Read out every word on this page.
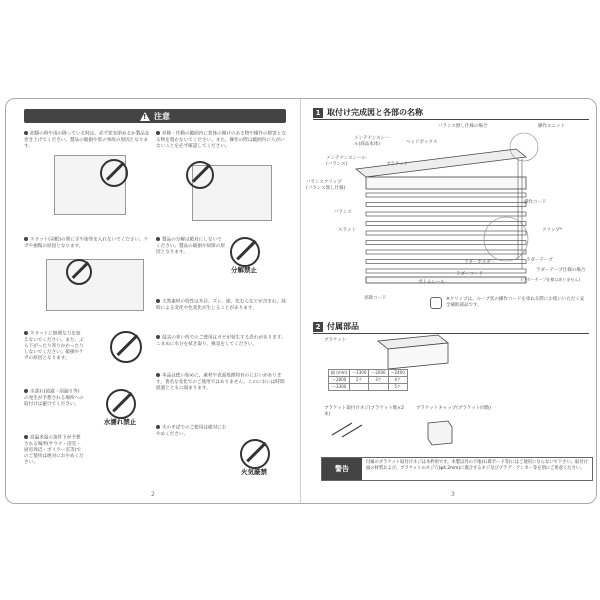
!
注意
油類の時や雨の降っている時は、必ず窓を閉めるか製品を巻き上げてください。製品の破損や窓の事故の原因となります。
昇降・作動の範囲内に窓体の開けのある物や操作の障害となる物を置かないでください。また、操作の際は範囲内に人がいないことを必ず確認してください。
スラット(羽根)の間に手や指等を入れないでください。ケガや損傷の原因となります。
製品の分解は絶対にしないでください。製品の破損や故障の原因となります。
分解禁止
スラットに無理な力を加えないでください。また、ぶら下がったり寄りかかったりしないでください。破損やケガの原因となります。
天然素材の特性は木目、ズレ、節、色むらなどが含まれ、経時による変化や色変化が生じることがあります。
湿気の多い所でのご使用はカビが発生する恐れがあります。こまめに水分を拭き取り、換気をしてください。
水濡れ(結露・雨漏り等)の発生が予想される場所への取付けは避けてください。
水濡れ禁止
本品は使い始めに、素材や表面処理特有のにおいがあります。著名な変化でのご使用ではありません。このにおいは時間経過とともに弱まります。
高温多湿の条件下が予想される場所(サウナ・浴室・厨房周辺・ボイラー室等)でのご使用は絶対におやめください。
火のそばでのご使用は絶対におやめください。
火気厳禁
2
1 取付け完成図と各部の名称
バランス無し仕様の場合	操作ユニット
メンテナンスシール(商品本体)	ヘッドボックス
メンテナンスシール(バランス)	ブラケット
バランスクリップ(バランス無し仕様)
バランス
操作コード
スラット	クリップ*
ラダーホルダー	ラダーテープ
ラダーテープ仕様の場合
ラダーコード
ボトムレール
(ラダーテープ仕様はありません)
昇降コード	※クリップは、ループ状の操作コードを束ねる際にお使いいただく安全補助部品です。
2 付属部品
ブラケット
幅 (mm)	〜1300	〜2000	〜2400
〜2800	2ケ	3ケ	4ケ
〜3300			5ケ
ブラケット取付けネジ(ブラケット数×2本)
ブラケットキャップ(ブラケット同数)
警告
付属のブラケット取付けネジは木枠用です。木製以外の下地(石膏ボード等)にはご使用にならないで下さい。取付け面の材質および、ブラケットのネジ穴(φ4.2mm)に適合するネジ及びプラグ・アンカー等を別にご用意ください。
3
